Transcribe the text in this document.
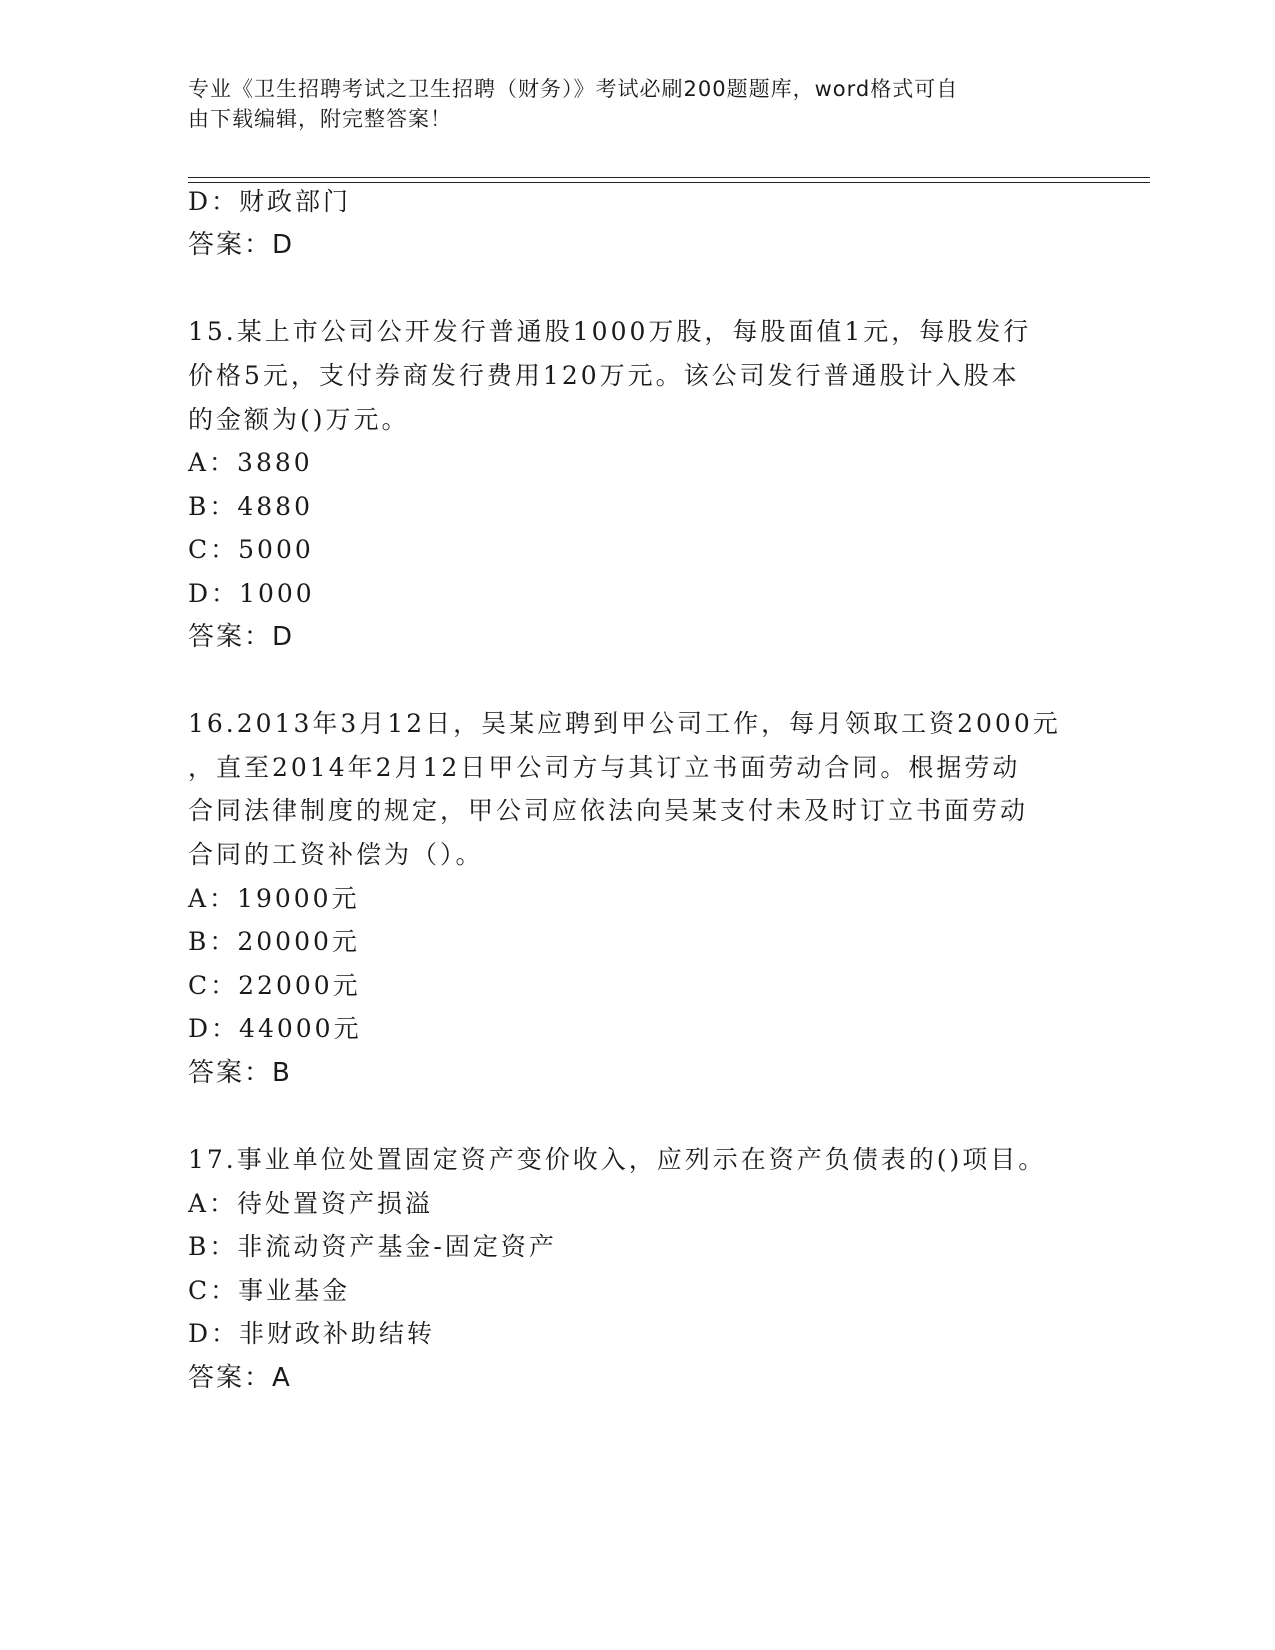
专业《卫生招聘考试之卫生招聘（财务）》考试必刷200题题库，word格式可自
由下载编辑，附完整答案！
D：财政部门
答案：D
15.某上市公司公开发行普通股1000万股，每股面值1元，每股发行
价格5元，支付券商发行费用120万元。该公司发行普通股计入股本
的金额为()万元。
A：3880
B：4880
C：5000
D：1000
答案：D
16.2013年3月12日，吴某应聘到甲公司工作，每月领取工资2000元
，直至2014年2月12日甲公司方与其订立书面劳动合同。根据劳动
合同法律制度的规定，甲公司应依法向吴某支付未及时订立书面劳动
合同的工资补偿为（）。
A：19000元
B：20000元
C：22000元
D：44000元
答案：B
17.事业单位处置固定资产变价收入，应列示在资产负债表的()项目。
A：待处置资产损溢
B：非流动资产基金-固定资产
C：事业基金
D：非财政补助结转
答案：A
